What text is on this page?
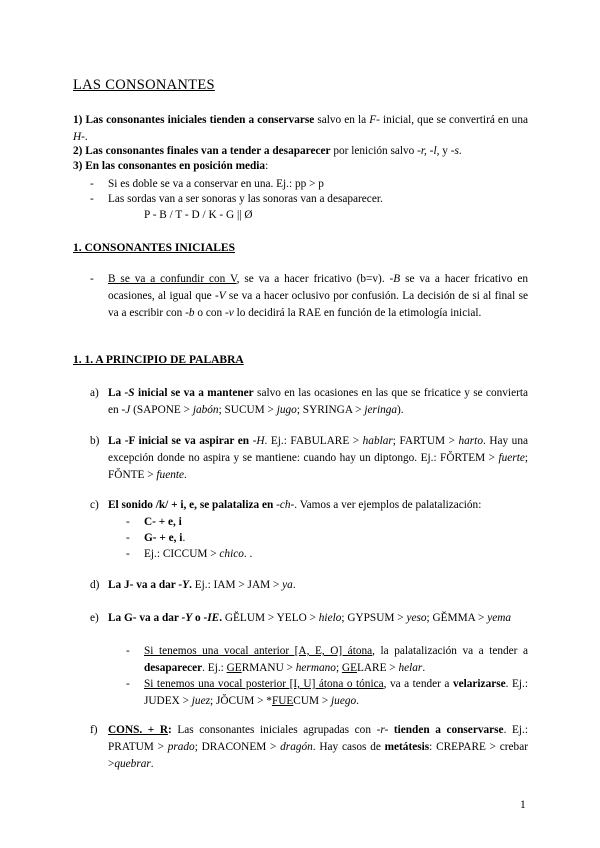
LAS CONSONANTES
1) Las consonantes iniciales tienden a conservarse salvo en la F- inicial, que se convertirá en una H-.
2) Las consonantes finales van a tender a desaparecer por lenición salvo -r, -l, y -s.
3) En las consonantes en posición media:
-	Si es doble se va a conservar en una. Ej.: pp > p
-	Las sordas van a ser sonoras y las sonoras van a desaparecer.
P - B / T - D / K - G || Ø
1. CONSONANTES INICIALES
-	B se va a confundir con V, se va a hacer fricativo (b=v). -B se va a hacer fricativo en ocasiones, al igual que -V se va a hacer oclusivo por confusión. La decisión de si al final se va a escribir con -b o con -v lo decidirá la RAE en función de la etimología inicial.
1. 1. A PRINCIPIO DE PALABRA
a) La -S inicial se va a mantener salvo en las ocasiones en las que se fricatice y se convierta en -J (SAPONE > jabón; SUCUM > jugo; SYRINGA > jeringa).
b) La -F inicial se va aspirar en -H. Ej.: FABULARE > hablar; FARTUM > harto. Hay una excepción donde no aspira y se mantiene: cuando hay un diptongo. Ej.: FŎRTEM > fuerte; FŎNTE > fuente.
c) El sonido /k/ + i, e, se palataliza en -ch-. Vamos a ver ejemplos de palatalización:
-	C- + e, i
-	G- + e, i.
-	Ej.: CICCUM > chico. .
d) La J- va a dar -Y. Ej.: IAM > JAM > ya.
e) La G- va a dar -Y o -IE. GĔLUM > YELO > hielo; GYPSUM > yeso; GĔMMA > yema
-	Si tenemos una vocal anterior [A, E, O] átona, la palatalización va a tender a desaparecer. Ej.: GERMANU > hermano; GELARE > helar.
-	Si tenemos una vocal posterior [I, U] átona o tónica, va a tender a velarizarse. Ej.: JUDEX > juez; JŎCUM > *FUECUM > juego.
f) CONS. + R: Las consonantes iniciales agrupadas con -r- tienden a conservarse. Ej.: PRATUM > prado; DRACONEM > dragón. Hay casos de metátesis: CREPARE > crebar >quebrar.
1
